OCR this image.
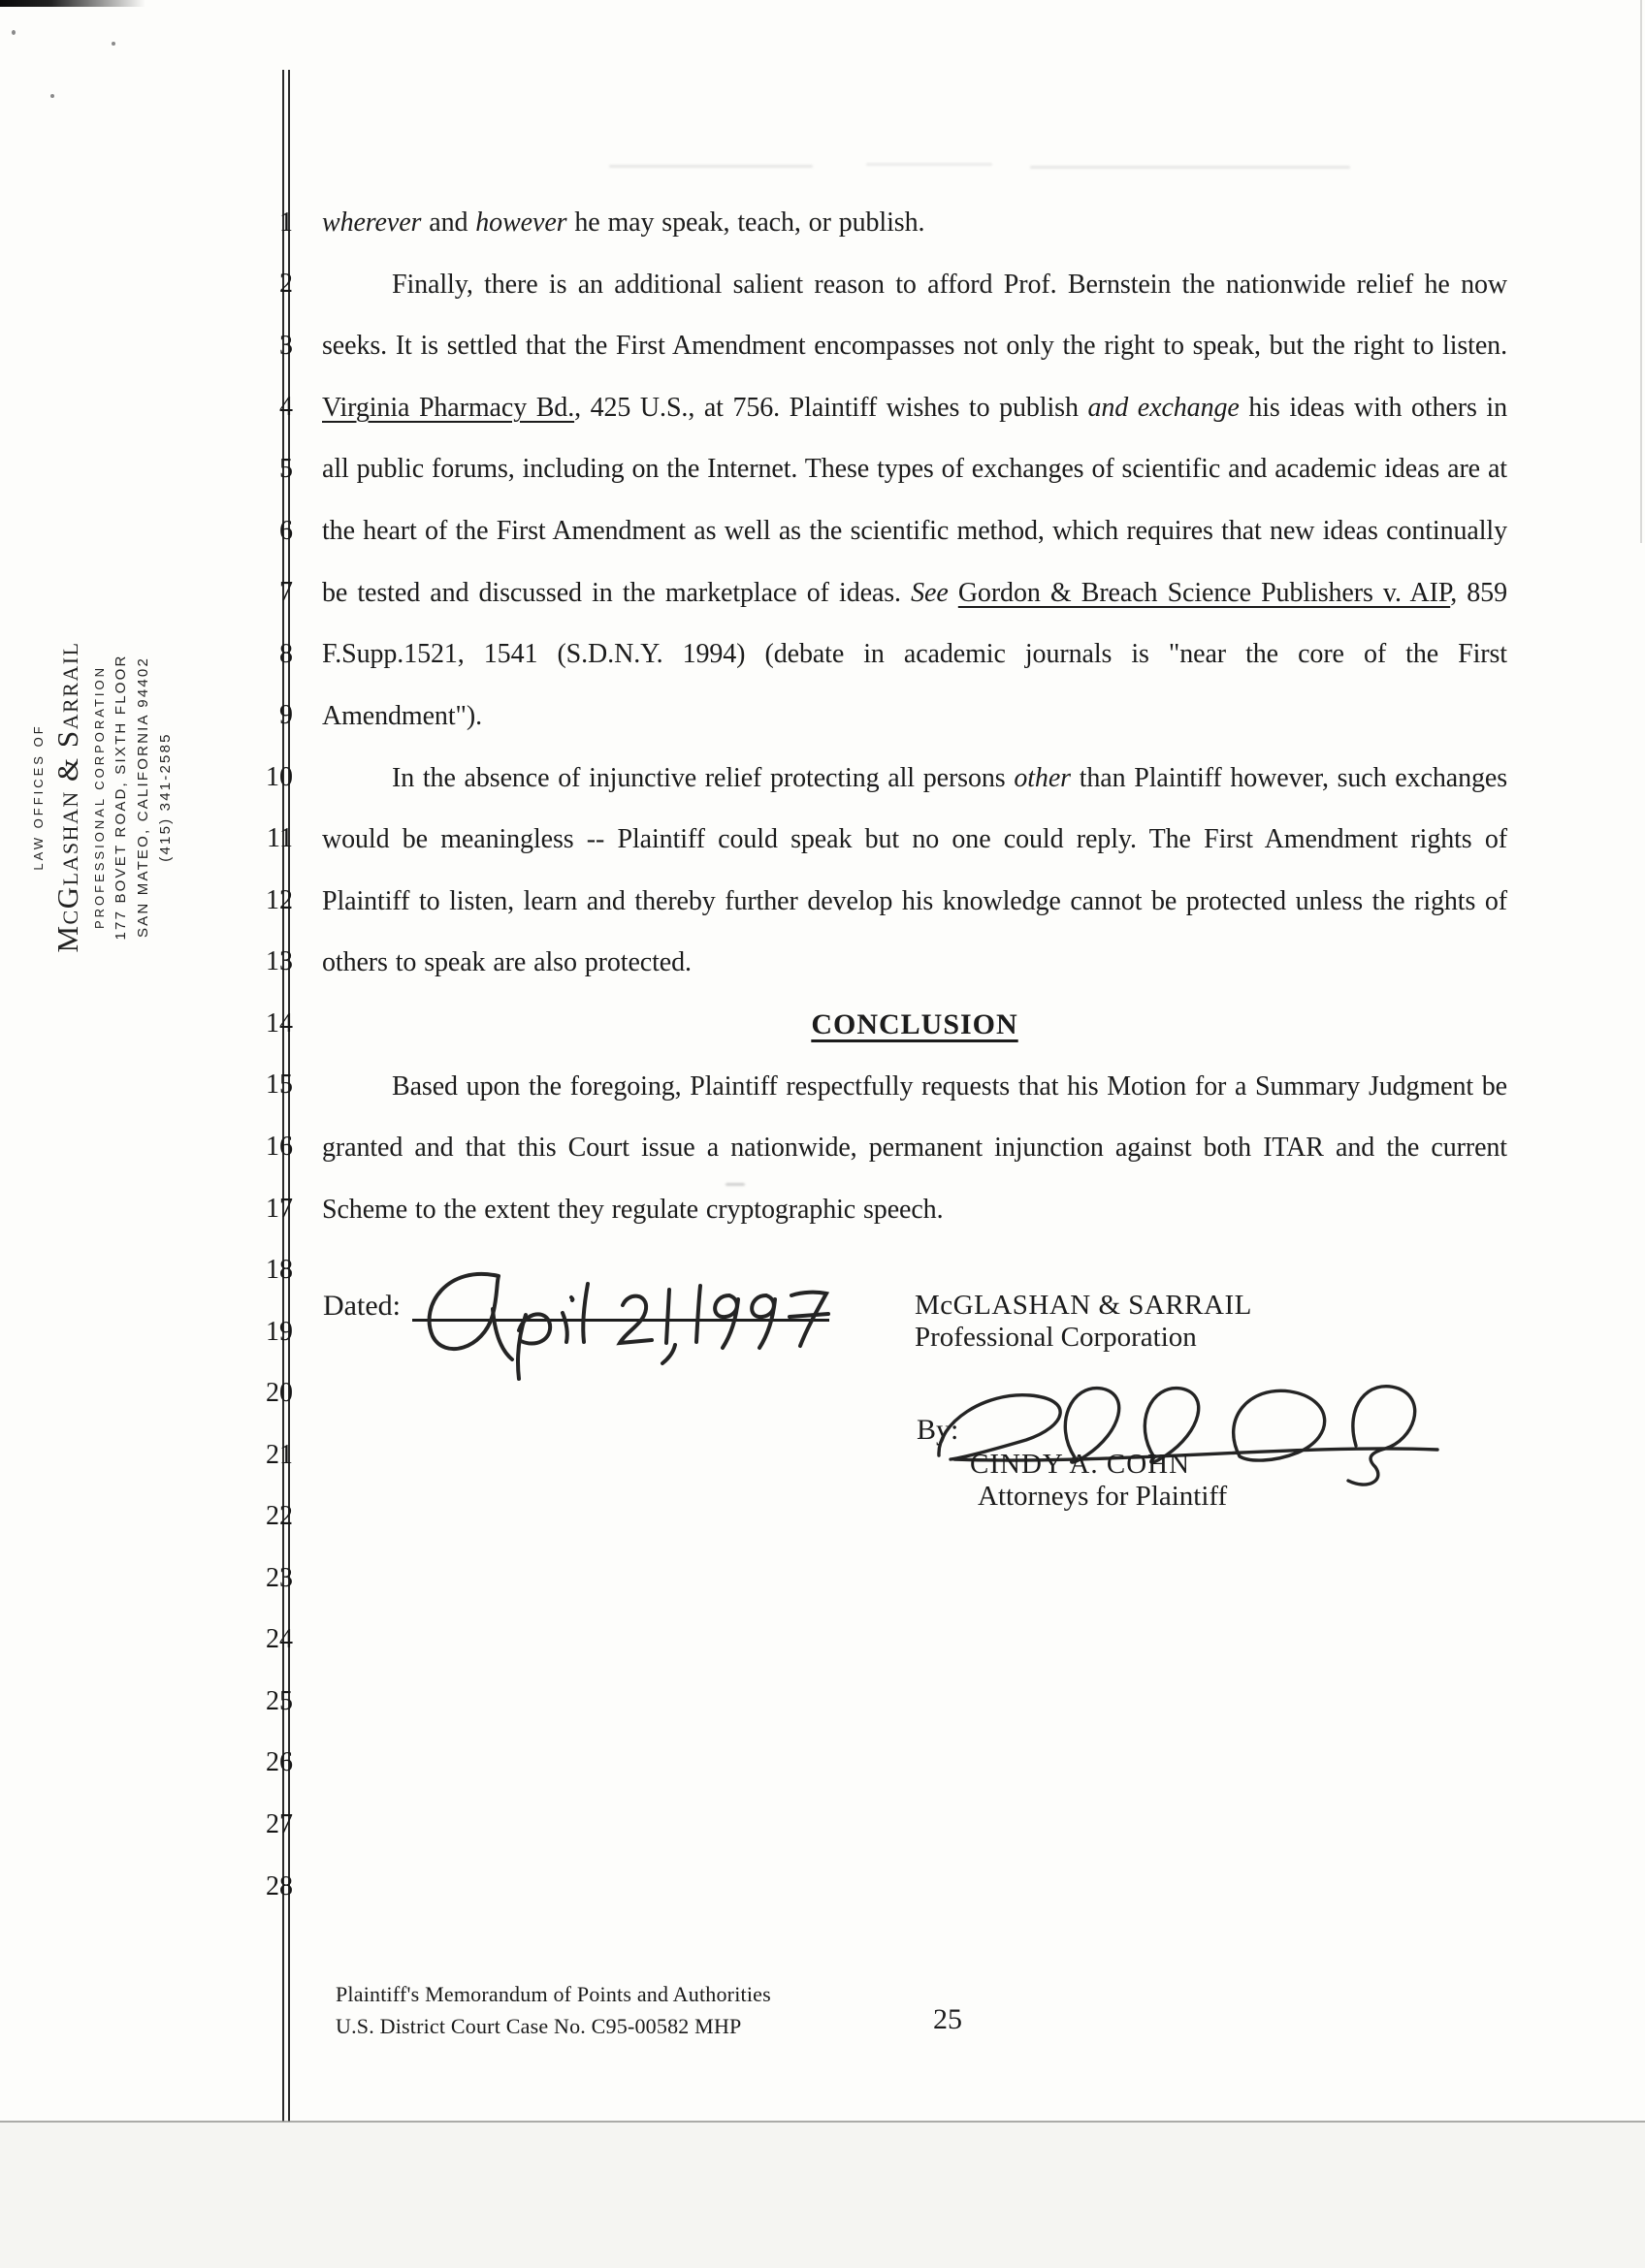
1
2
3
4
5
6
7
8
9
10
11
12
13
14
15
16
17
18
19
20
21
22
23
24
25
26
27
28
LAW OFFICES OF McGlashan & Sarrail PROFESSIONAL CORPORATION 177 BOVET ROAD, SIXTH FLOOR SAN MATEO, CALIFORNIA 94402 (415) 341-2585

wherever and however he may speak, teach, or publish.

Finally, there is an additional salient reason to afford Prof. Bernstein the nationwide relief he now seeks. It is settled that the First Amendment encompasses not only the right to speak, but the right to listen. Virginia Pharmacy Bd., 425 U.S., at 756. Plaintiff wishes to publish and exchange his ideas with others in all public forums, including on the Internet. These types of exchanges of scientific and academic ideas are at the heart of the First Amendment as well as the scientific method, which requires that new ideas continually be tested and discussed in the marketplace of ideas. See Gordon & Breach Science Publishers v. AIP, 859 F.Supp.1521, 1541 (S.D.N.Y. 1994) (debate in academic journals is "near the core of the First Amendment").

In the absence of injunctive relief protecting all persons other than Plaintiff however, such exchanges would be meaningless -- Plaintiff could speak but no one could reply. The First Amendment rights of Plaintiff to listen, learn and thereby further develop his knowledge cannot be protected unless the rights of others to speak are also protected.

CONCLUSION

Based upon the foregoing, Plaintiff respectfully requests that his Motion for a Summary Judgment be granted and that this Court issue a nationwide, permanent injunction against both ITAR and the current Scheme to the extent they regulate cryptographic speech.

Dated:	McGLASHAN & SARRAIL
Professional Corporation
By:
CINDY A. COHN
Attorneys for Plaintiff
Plaintiff's Memorandum of Points and Authorities
U.S. District Court Case No. C95-00582 MHP	25
